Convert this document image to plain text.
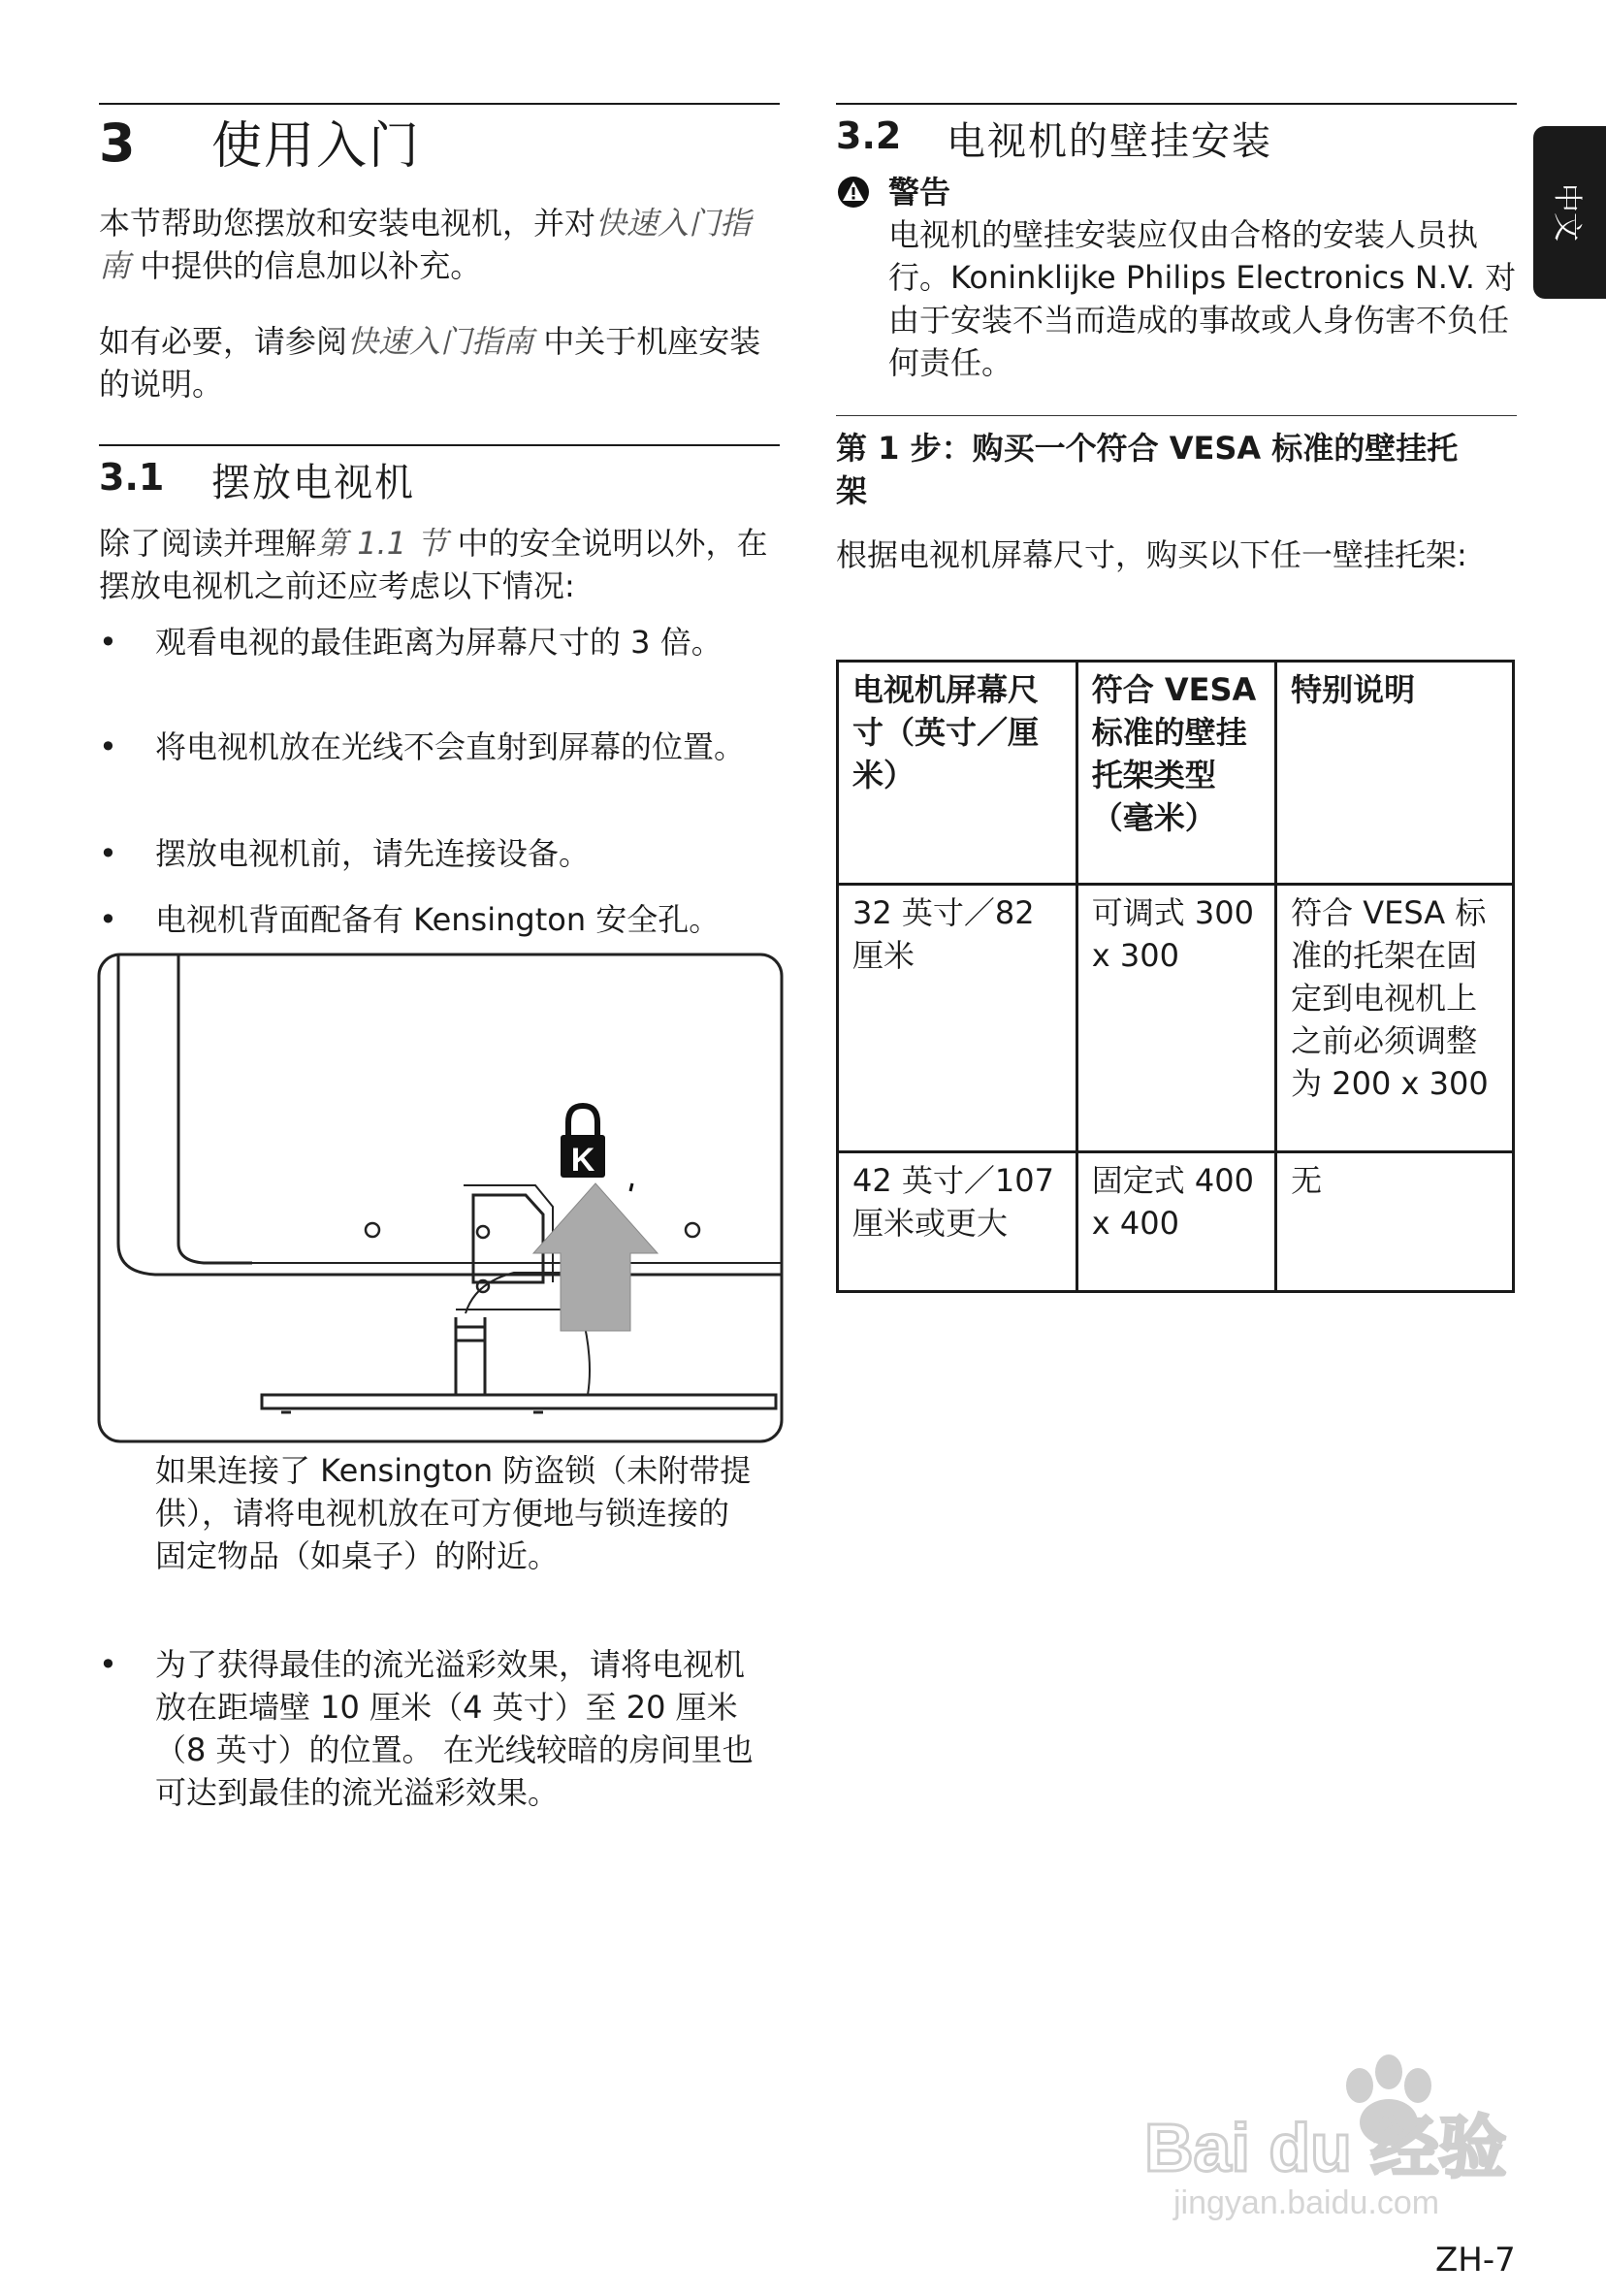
3 使用入门
本节帮助您摆放和安装电视机，并对快速入门指南 中提供的信息加以补充。
如有必要，请参阅快速入门指南 中关于机座安装的说明。
3.1 摆放电视机
除了阅读并理解第 1.1 节 中的安全说明以外，在摆放电视机之前还应考虑以下情况:
• 观看电视的最佳距离为屏幕尺寸的 3 倍。
• 将电视机放在光线不会直射到屏幕的位置。
• 摆放电视机前，请先连接设备。
• 电视机背面配备有 Kensington 安全孔。
K
如果连接了 Kensington 防盗锁（未附带提供），请将电视机放在可方便地与锁连接的固定物品（如桌子）的附近。
• 为了获得最佳的流光溢彩效果，请将电视机放在距墙壁 10 厘米（4 英寸）至 20 厘米（8 英寸）的位置。 在光线较暗的房间里也可达到最佳的流光溢彩效果。
3.2 电视机的壁挂安装
警告
电视机的壁挂安装应仅由合格的安装人员执行。Koninklijke Philips Electronics N.V. 对由于安装不当而造成的事故或人身伤害不负任何责任。
第 1 步：购买一个符合 VESA 标准的壁挂托架
根据电视机屏幕尺寸，购买以下任一壁挂托架:
电视机屏幕尺寸（英寸／厘米）	符合 VESA 标准的壁挂托架类型（毫米）	特别说明
32 英寸／82 厘米	可调式 300 x 300	符合 VESA 标准的托架在固定到电视机上之前必须调整为 200 x 300
42 英寸／107 厘米或更大	固定式 400 x 400	无
中文
Bai du 经验
jingyan.baidu.com
ZH-7
